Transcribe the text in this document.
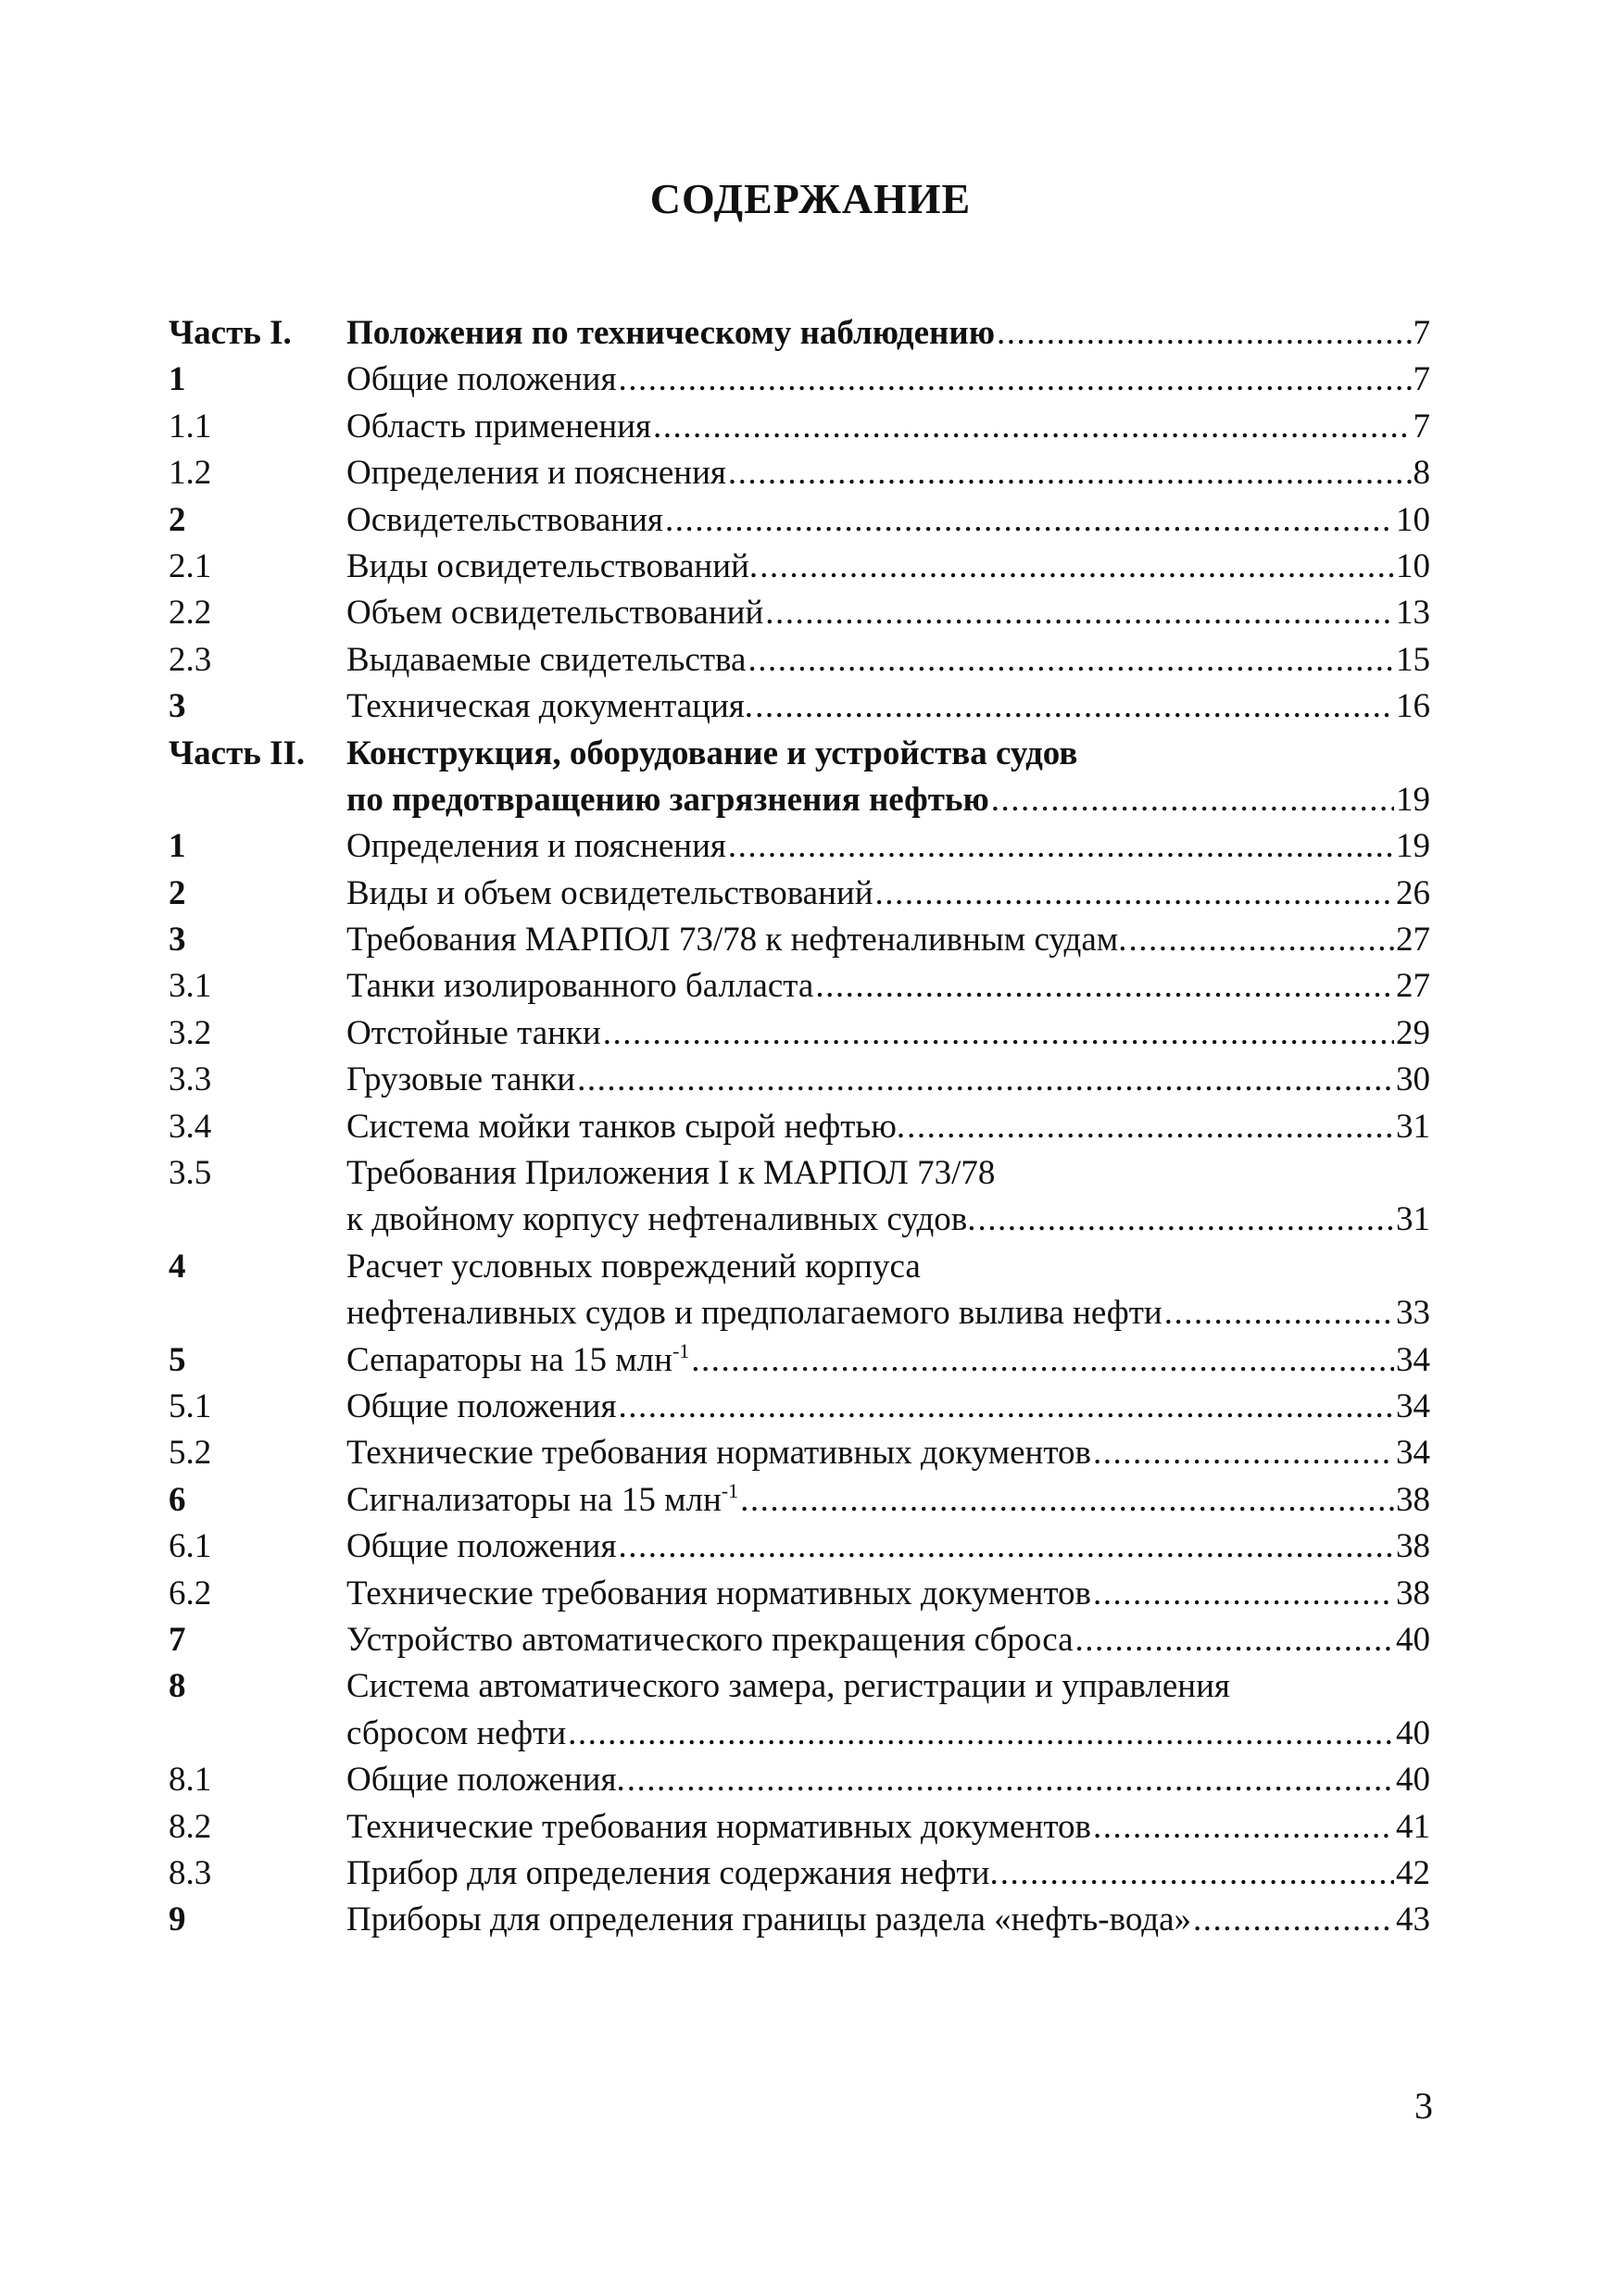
СОДЕРЖАНИЕ
Часть I.	Положения по техническому наблюдению .....	7
1	Общие положения .....	7
1.1	Область применения .....	7
1.2	Определения и пояснения .....	8
2	Освидетельствования .....	10
2.1	Виды освидетельствований. .....	10
2.2	Объем освидетельствований .....	13
2.3	Выдаваемые свидетельства .....	15
3	Техническая документация. .....	16
Часть II.	Конструкция, оборудование и устройства судов
по предотвращению загрязнения нефтью .....	19
1	Определения и пояснения .....	19
2	Виды и объем освидетельствований .....	26
3	Требования МАРПОЛ 73/78 к нефтеналивным судам. .....	27
3.1	Танки изолированного балласта .....	27
3.2	Отстойные танки .....	29
3.3	Грузовые танки .....	30
3.4	Система мойки танков сырой нефтью. .....	31
3.5	Требования Приложения I к МАРПОЛ 73/78
к двойному корпусу нефтеналивных судов. .....	31
4	Расчет условных повреждений корпуса
нефтеналивных судов и предполагаемого вылива нефти .....	33
5	Сепараторы на 15 млн$^{-1}$ .....	34
5.1	Общие положения .....	34
5.2	Технические требования нормативных документов .....	34
6	Сигнализаторы на 15 млн$^{-1}$ .....	38
6.1	Общие положения .....	38
6.2	Технические требования нормативных документов .....	38
7	Устройство автоматического прекращения сброса .....	40
8	Система автоматического замера, регистрации и управления
сбросом нефти .....	40
8.1	Общие положения. .....	40
8.2	Технические требования нормативных документов .....	41
8.3	Прибор для определения содержания нефти. .....	42
9	Приборы для определения границы раздела «нефть-вода» .....	43
3
